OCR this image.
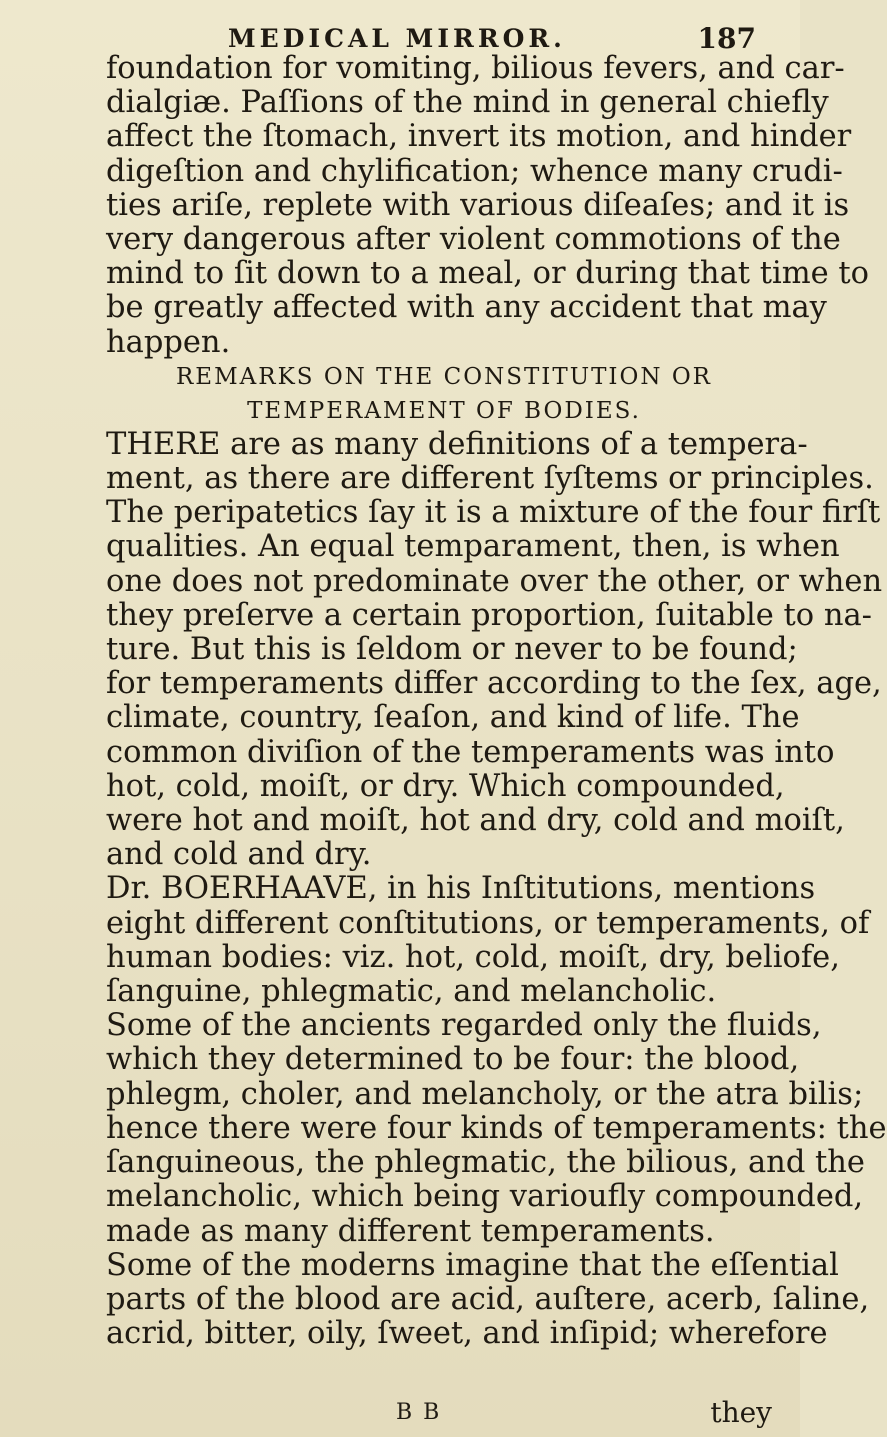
MEDICAL MIRROR.	187
foundation for vomiting, bilious fevers, and car-
dialgiæ. Paſſions of the mind in general chiefly
affect the ſtomach, invert its motion, and hinder
digeſtion and chylification; whence many crudi-
ties ariſe, replete with various diſeaſes; and it is
very dangerous after violent commotions of the
mind to ſit down to a meal, or during that time to
be greatly affected with any accident that may
happen.
REMARKS ON THE CONSTITUTION OR
TEMPERAMENT OF BODIES.
THERE are as many definitions of a tempera-
ment, as there are different ſyſtems or principles.
The peripatetics ſay it is a mixture of the four firſt
qualities. An equal temparament, then, is when
one does not predominate over the other, or when
they preſerve a certain proportion, ſuitable to na-
ture. But this is ſeldom or never to be found;
for temperaments differ according to the ſex, age,
climate, country, ſeaſon, and kind of life. The
common diviſion of the temperaments was into
hot, cold, moiſt, or dry. Which compounded,
were hot and moiſt, hot and dry, cold and moiſt,
and cold and dry.
Dr. BOERHAAVE, in his Inſtitutions, mentions
eight different conſtitutions, or temperaments, of
human bodies: viz. hot, cold, moiſt, dry, beliofe,
ſanguine, phlegmatic, and melancholic.
Some of the ancients regarded only the fluids,
which they determined to be four: the blood,
phlegm, choler, and melancholy, or the atra bilis;
hence there were four kinds of temperaments: the
ſanguineous, the phlegmatic, the bilious, and the
melancholic, which being varioufly compounded,
made as many different temperaments.
Some of the moderns imagine that the eſſential
parts of the blood are acid, auſtere, acerb, ſaline,
acrid, bitter, oily, ſweet, and inſipid; wherefore
B B	they
